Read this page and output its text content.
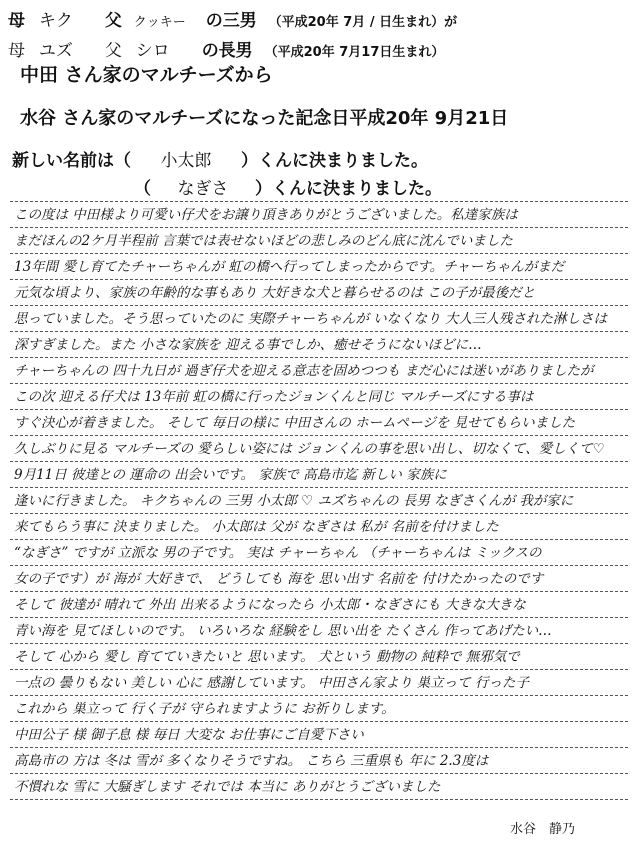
母 キク 父 クッキー の三男 （平成20年 7月 / 日生まれ）が
母 ユズ 父 シロ の長男 （平成20年 7月17日生まれ）
中田 さん家のマルチーズから
水谷 さん家のマルチーズになった記念日平成20年 9月21日
新しい名前は（ 小太郎 ）くんに決まりました。
（ なぎさ ）くんに決まりました。
この度は 中田様より可愛い仔犬をお譲り頂きありがとうございました。私達家族は
まだほんの2ケ月半程前 言葉では表せないほどの悲しみのどん底に沈んでいました
13年間 愛し育てたチャーちゃんが 虹の橋へ行ってしまったからです。チャーちゃんがまだ
元気な頃より、家族の年齢的な事もあり 大好きな犬と暮らせるのは この子が最後だと
思っていました。そう思っていたのに 実際チャーちゃんが いなくなり 大人三人残された淋しさは
深すぎました。また 小さな家族を 迎える事でしか、癒せそうにないほどに…
チャーちゃんの 四十九日が 過ぎ仔犬を迎える意志を固めつつも まだ心には迷いがありましたが
この次 迎える仔犬は 13年前 虹の橋に行ったジョンくんと同じ マルチーズにする事は
すぐ決心が着きました。 そして 毎日の様に 中田さんの ホームページを 見せてもらいました
久しぶりに見る マルチーズの 愛らしい姿には ジョンくんの事を思い出し、切なくて、愛しくて♡
9月11日 彼達との 運命の 出会いです。 家族で 高島市迄 新しい 家族に
逢いに行きました。 キクちゃんの 三男 小太郎 ♡ ユズちゃんの 長男 なぎさくんが 我が家に
来てもらう事に 決まりました。 小太郎は 父が なぎさは 私が 名前を付けました
“なぎさ” ですが 立派な 男の子です。 実は チャーちゃん （チャーちゃんは ミックスの
女の子です）が 海が 大好きで、 どうしても 海を 思い出す 名前を 付けたかったのです
そして 彼達が 晴れて 外出 出来るようになったら 小太郎・なぎさにも 大きな大きな
青い海を 見てほしいのです。 いろいろな 経験をし 思い出を たくさん 作ってあげたい…
そして 心から 愛し 育てていきたいと 思います。 犬という 動物の 純粋で 無邪気で
一点の 曇りもない 美しい 心に 感謝しています。 中田さん家より 巣立って 行った子
これから 巣立って 行く子が 守られますように お祈りします。
中田公子 様 御子息 様 毎日 大変な お仕事にご自愛下さい
高島市の 方は 冬は 雪が 多くなりそうですね。 こちら 三重県も 年に 2.3度は
不慣れな 雪に 大騒ぎします それでは 本当に ありがとうございました
水谷　静乃
